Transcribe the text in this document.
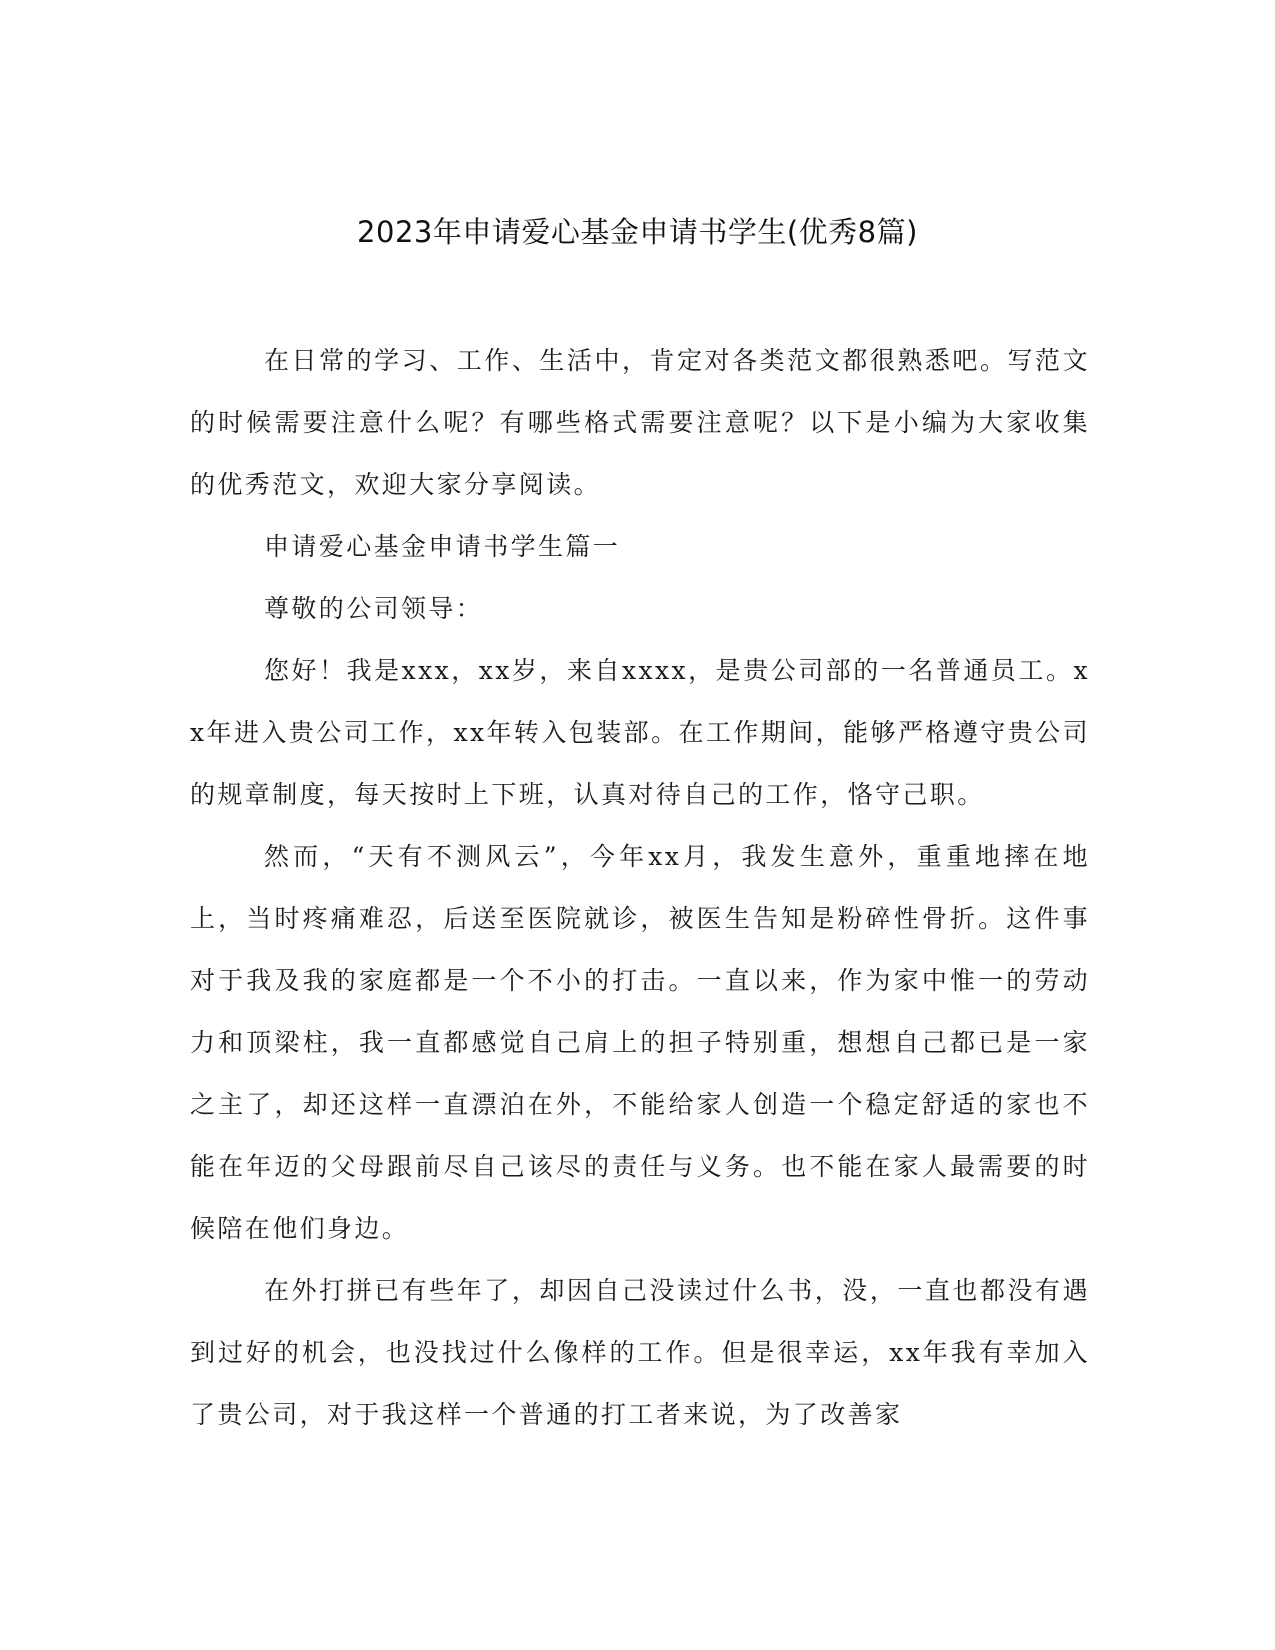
2023年申请爱心基金申请书学生(优秀8篇)

在日常的学习、工作、生活中，肯定对各类范文都很熟悉吧。写范文的时候需要注意什么呢？有哪些格式需要注意呢？以下是小编为大家收集的优秀范文，欢迎大家分享阅读。

申请爱心基金申请书学生篇一

尊敬的公司领导：

您好！我是xxx，xx岁，来自xxxx，是贵公司部的一名普通员工。xx年进入贵公司工作，xx年转入包装部。在工作期间，能够严格遵守贵公司的规章制度，每天按时上下班，认真对待自己的工作，恪守己职。

然而，“天有不测风云”，今年xx月，我发生意外，重重地摔在地上，当时疼痛难忍，后送至医院就诊，被医生告知是粉碎性骨折。这件事对于我及我的家庭都是一个不小的打击。一直以来，作为家中惟一的劳动力和顶梁柱，我一直都感觉自己肩上的担子特别重，想想自己都已是一家之主了，却还这样一直漂泊在外，不能给家人创造一个稳定舒适的家也不能在年迈的父母跟前尽自己该尽的责任与义务。也不能在家人最需要的时候陪在他们身边。

在外打拼已有些年了，却因自己没读过什么书，没，一直也都没有遇到过好的机会，也没找过什么像样的工作。但是很幸运，xx年我有幸加入了贵公司，对于我这样一个普通的打工者来说，为了改善家
